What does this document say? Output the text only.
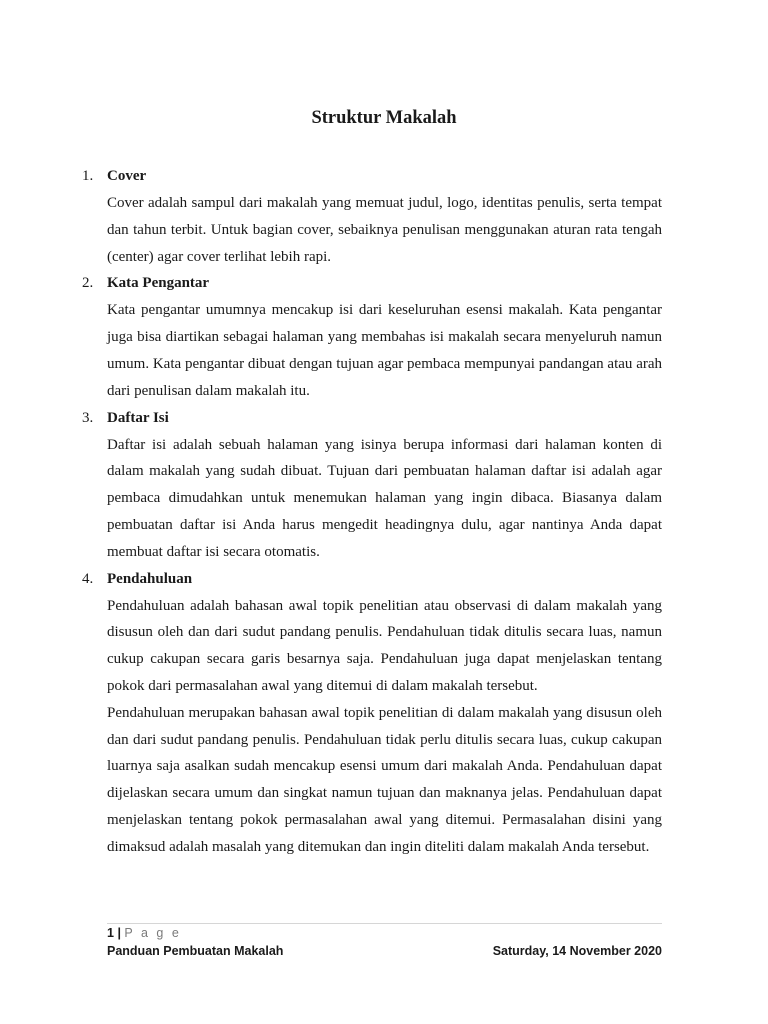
Struktur Makalah
1. Cover

Cover adalah sampul dari makalah yang memuat judul, logo, identitas penulis, serta tempat dan tahun terbit. Untuk bagian cover, sebaiknya penulisan menggunakan aturan rata tengah (center) agar cover terlihat lebih rapi.

2. Kata Pengantar

Kata pengantar umumnya mencakup isi dari keseluruhan esensi makalah. Kata pengantar juga bisa diartikan sebagai halaman yang membahas isi makalah secara menyeluruh namun umum. Kata pengantar dibuat dengan tujuan agar pembaca mempunyai pandangan atau arah dari penulisan dalam makalah itu.

3. Daftar Isi

Daftar isi adalah sebuah halaman yang isinya berupa informasi dari halaman konten di dalam makalah yang sudah dibuat. Tujuan dari pembuatan halaman daftar isi adalah agar pembaca dimudahkan untuk menemukan halaman yang ingin dibaca. Biasanya dalam pembuatan daftar isi Anda harus mengedit headingnya dulu, agar nantinya Anda dapat membuat daftar isi secara otomatis.

4. Pendahuluan

Pendahuluan adalah bahasan awal topik penelitian atau observasi di dalam makalah yang disusun oleh dan dari sudut pandang penulis. Pendahuluan tidak ditulis secara luas, namun cukup cakupan secara garis besarnya saja. Pendahuluan juga dapat menjelaskan tentang pokok dari permasalahan awal yang ditemui di dalam makalah tersebut.

Pendahuluan merupakan bahasan awal topik penelitian di dalam makalah yang disusun oleh dan dari sudut pandang penulis. Pendahuluan tidak perlu ditulis secara luas, cukup cakupan luarnya saja asalkan sudah mencakup esensi umum dari makalah Anda. Pendahuluan dapat dijelaskan secara umum dan singkat namun tujuan dan maknanya jelas. Pendahuluan dapat menjelaskan tentang pokok permasalahan awal yang ditemui. Permasalahan disini yang dimaksud adalah masalah yang ditemukan dan ingin diteliti dalam makalah Anda tersebut.

1 | P a g e
Panduan Pembuatan Makalah	Saturday, 14 November 2020
